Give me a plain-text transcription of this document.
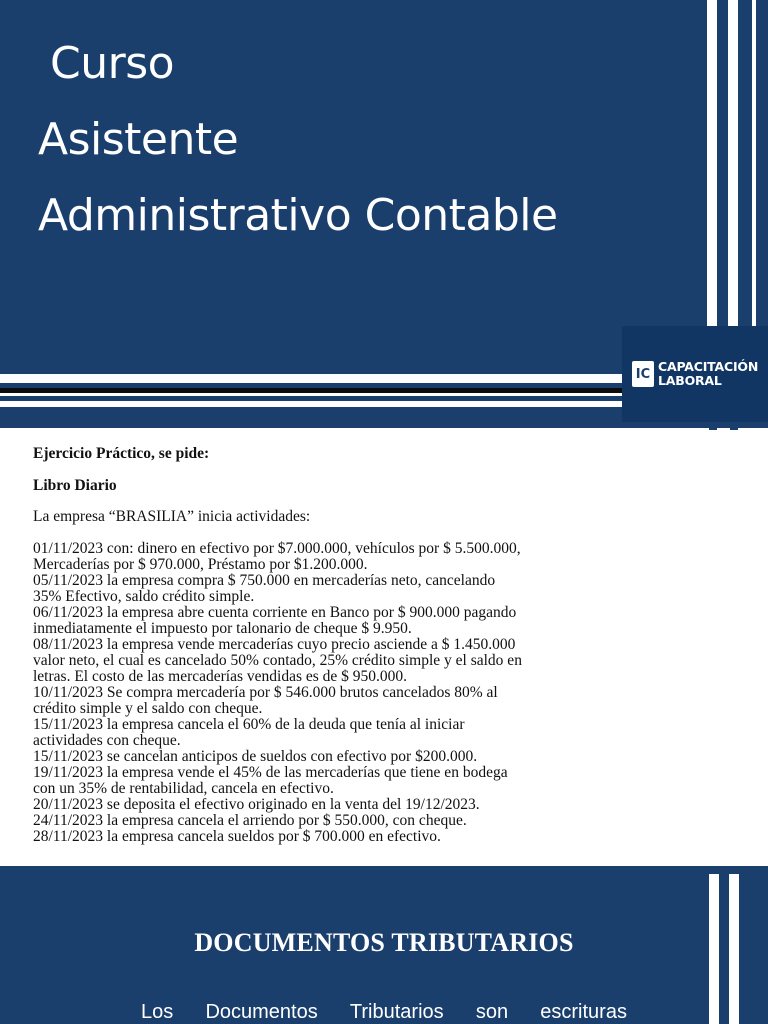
Curso
Asistente
Administrativo Contable
IC CAPACITACIÓN
LABORAL

Ejercicio Práctico, se pide:

Libro Diario

La empresa “BRASILIA” inicia actividades:

01/11/2023 con: dinero en efectivo por $7.000.000, vehículos por $ 5.500.000,
Mercaderías por $ 970.000, Préstamo por $1.200.000.
05/11/2023 la empresa compra $ 750.000 en mercaderías neto, cancelando
35% Efectivo, saldo crédito simple.
06/11/2023 la empresa abre cuenta corriente en Banco por $ 900.000 pagando
inmediatamente el impuesto por talonario de cheque $ 9.950.
08/11/2023 la empresa vende mercaderías cuyo precio asciende a $ 1.450.000
valor neto, el cual es cancelado 50% contado, 25% crédito simple y el saldo en
letras. El costo de las mercaderías vendidas es de $ 950.000.
10/11/2023 Se compra mercadería por $ 546.000 brutos cancelados 80% al
crédito simple y el saldo con cheque.
15/11/2023 la empresa cancela el 60% de la deuda que tenía al iniciar
actividades con cheque.
15/11/2023 se cancelan anticipos de sueldos con efectivo por $200.000.
19/11/2023 la empresa vende el 45% de las mercaderías que tiene en bodega
con un 35% de rentabilidad, cancela en efectivo.
20/11/2023 se deposita el efectivo originado en la venta del 19/12/2023.
24/11/2023 la empresa cancela el arriendo por $ 550.000, con cheque.
28/11/2023 la empresa cancela sueldos por $ 700.000 en efectivo.
DOCUMENTOS TRIBUTARIOS

Los Documentos Tributarios son escrituras
